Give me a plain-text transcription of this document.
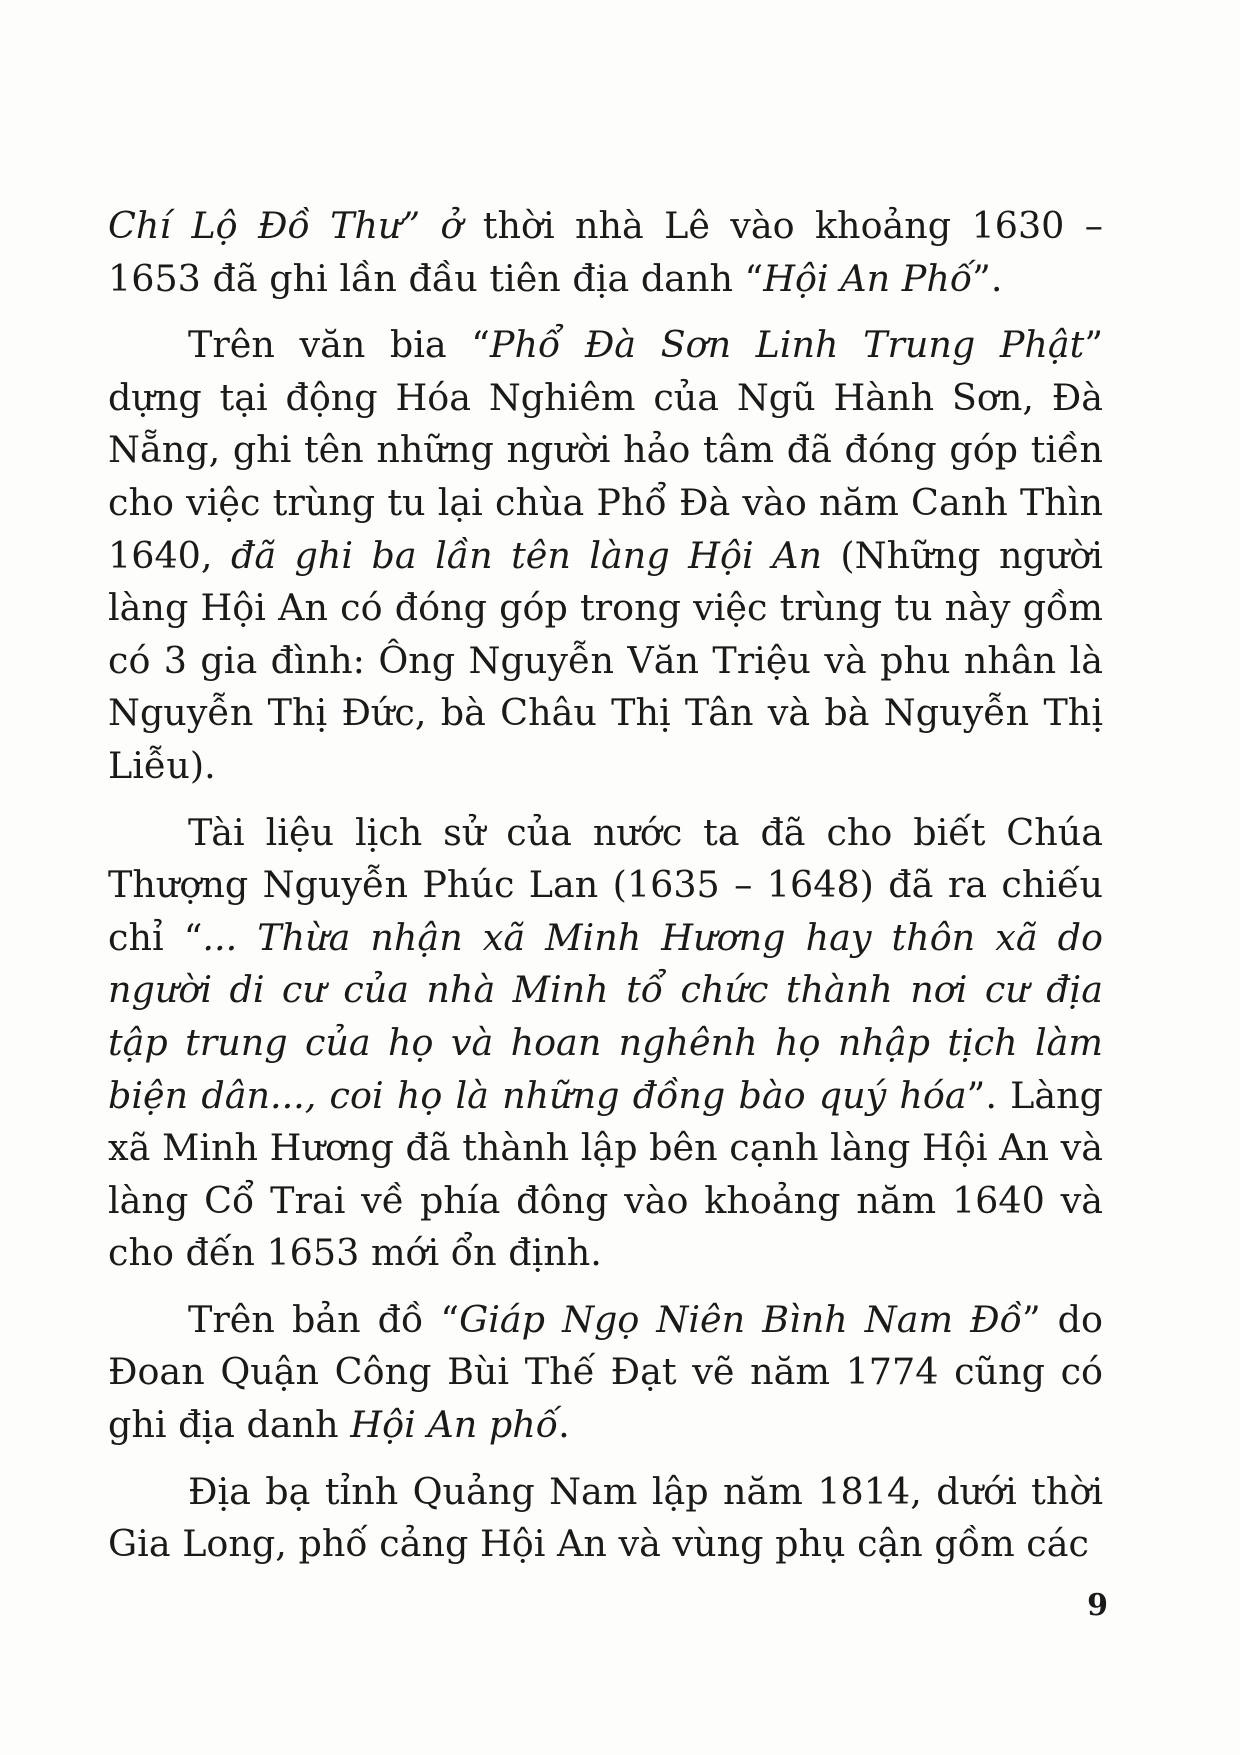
Chí Lộ Đồ Thư” ở thời nhà Lê vào khoảng 1630 – 1653 đã ghi lần đầu tiên địa danh “Hội An Phố”.

Trên văn bia “Phổ Đà Sơn Linh Trung Phật” dựng tại động Hóa Nghiêm của Ngũ Hành Sơn, Đà Nẵng, ghi tên những người hảo tâm đã đóng góp tiền cho việc trùng tu lại chùa Phổ Đà vào năm Canh Thìn 1640, đã ghi ba lần tên làng Hội An (Những người làng Hội An có đóng góp trong việc trùng tu này gồm có 3 gia đình: Ông Nguyễn Văn Triệu và phu nhân là Nguyễn Thị Đức, bà Châu Thị Tân và bà Nguyễn Thị Liễu).

Tài liệu lịch sử của nước ta đã cho biết Chúa Thượng Nguyễn Phúc Lan (1635 – 1648) đã ra chiếu chỉ “... Thừa nhận xã Minh Hương hay thôn xã do người di cư của nhà Minh tổ chức thành nơi cư địa tập trung của họ và hoan nghênh họ nhập tịch làm biện dân..., coi họ là những đồng bào quý hóa”. Làng xã Minh Hương đã thành lập bên cạnh làng Hội An và làng Cổ Trai về phía đông vào khoảng năm 1640 và cho đến 1653 mới ổn định.

Trên bản đồ “Giáp Ngọ Niên Bình Nam Đồ” do Đoan Quận Công Bùi Thế Đạt vẽ năm 1774 cũng có ghi địa danh Hội An phố.

Địa bạ tỉnh Quảng Nam lập năm 1814, dưới thời Gia Long, phố cảng Hội An và vùng phụ cận gồm các

9
